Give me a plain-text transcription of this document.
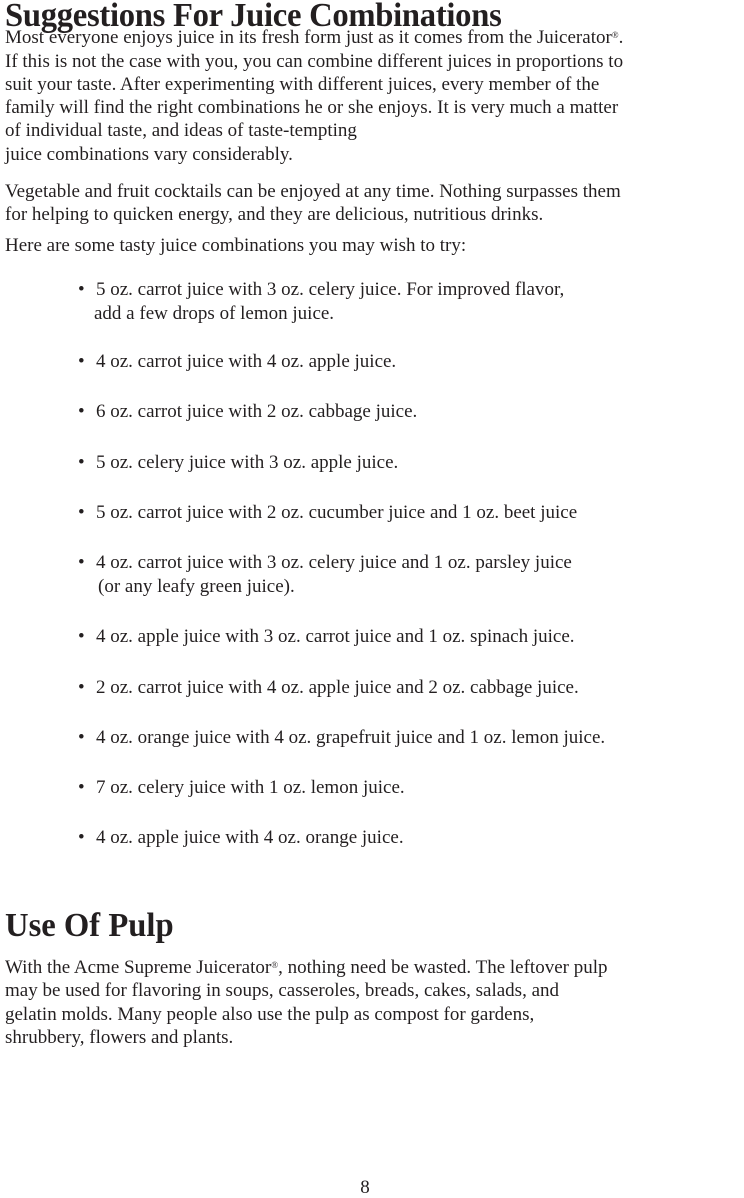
Suggestions For Juice Combinations

Most everyone enjoys juice in its fresh form just as it comes from the Juicerator®.
If this is not the case with you, you can combine different juices in proportions to
suit your taste. After experimenting with different juices, every member of the
family will find the right combinations he or she enjoys. It is very much a matter
of individual taste, and ideas of taste-tempting
juice combinations vary considerably.
Vegetable and fruit cocktails can be enjoyed at any time. Nothing surpasses them
for helping to quicken energy, and they are delicious, nutritious drinks.
Here are some tasty juice combinations you may wish to try:
• 5 oz. carrot juice with 3 oz. celery juice. For improved flavor,
add a few drops of lemon juice.
• 4 oz. carrot juice with 4 oz. apple juice.
• 6 oz. carrot juice with 2 oz. cabbage juice.
• 5 oz. celery juice with 3 oz. apple juice.
• 5 oz. carrot juice with 2 oz. cucumber juice and 1 oz. beet juice
• 4 oz. carrot juice with 3 oz. celery juice and 1 oz. parsley juice
(or any leafy green juice).
• 4 oz. apple juice with 3 oz. carrot juice and 1 oz. spinach juice.
• 2 oz. carrot juice with 4 oz. apple juice and 2 oz. cabbage juice.
• 4 oz. orange juice with 4 oz. grapefruit juice and 1 oz. lemon juice.
• 7 oz. celery juice with 1 oz. lemon juice.
• 4 oz. apple juice with 4 oz. orange juice.
Use Of Pulp
With the Acme Supreme Juicerator®, nothing need be wasted. The leftover pulp
may be used for flavoring in soups, casseroles, breads, cakes, salads, and
gelatin molds. Many people also use the pulp as compost for gardens,
shrubbery, flowers and plants.
8
